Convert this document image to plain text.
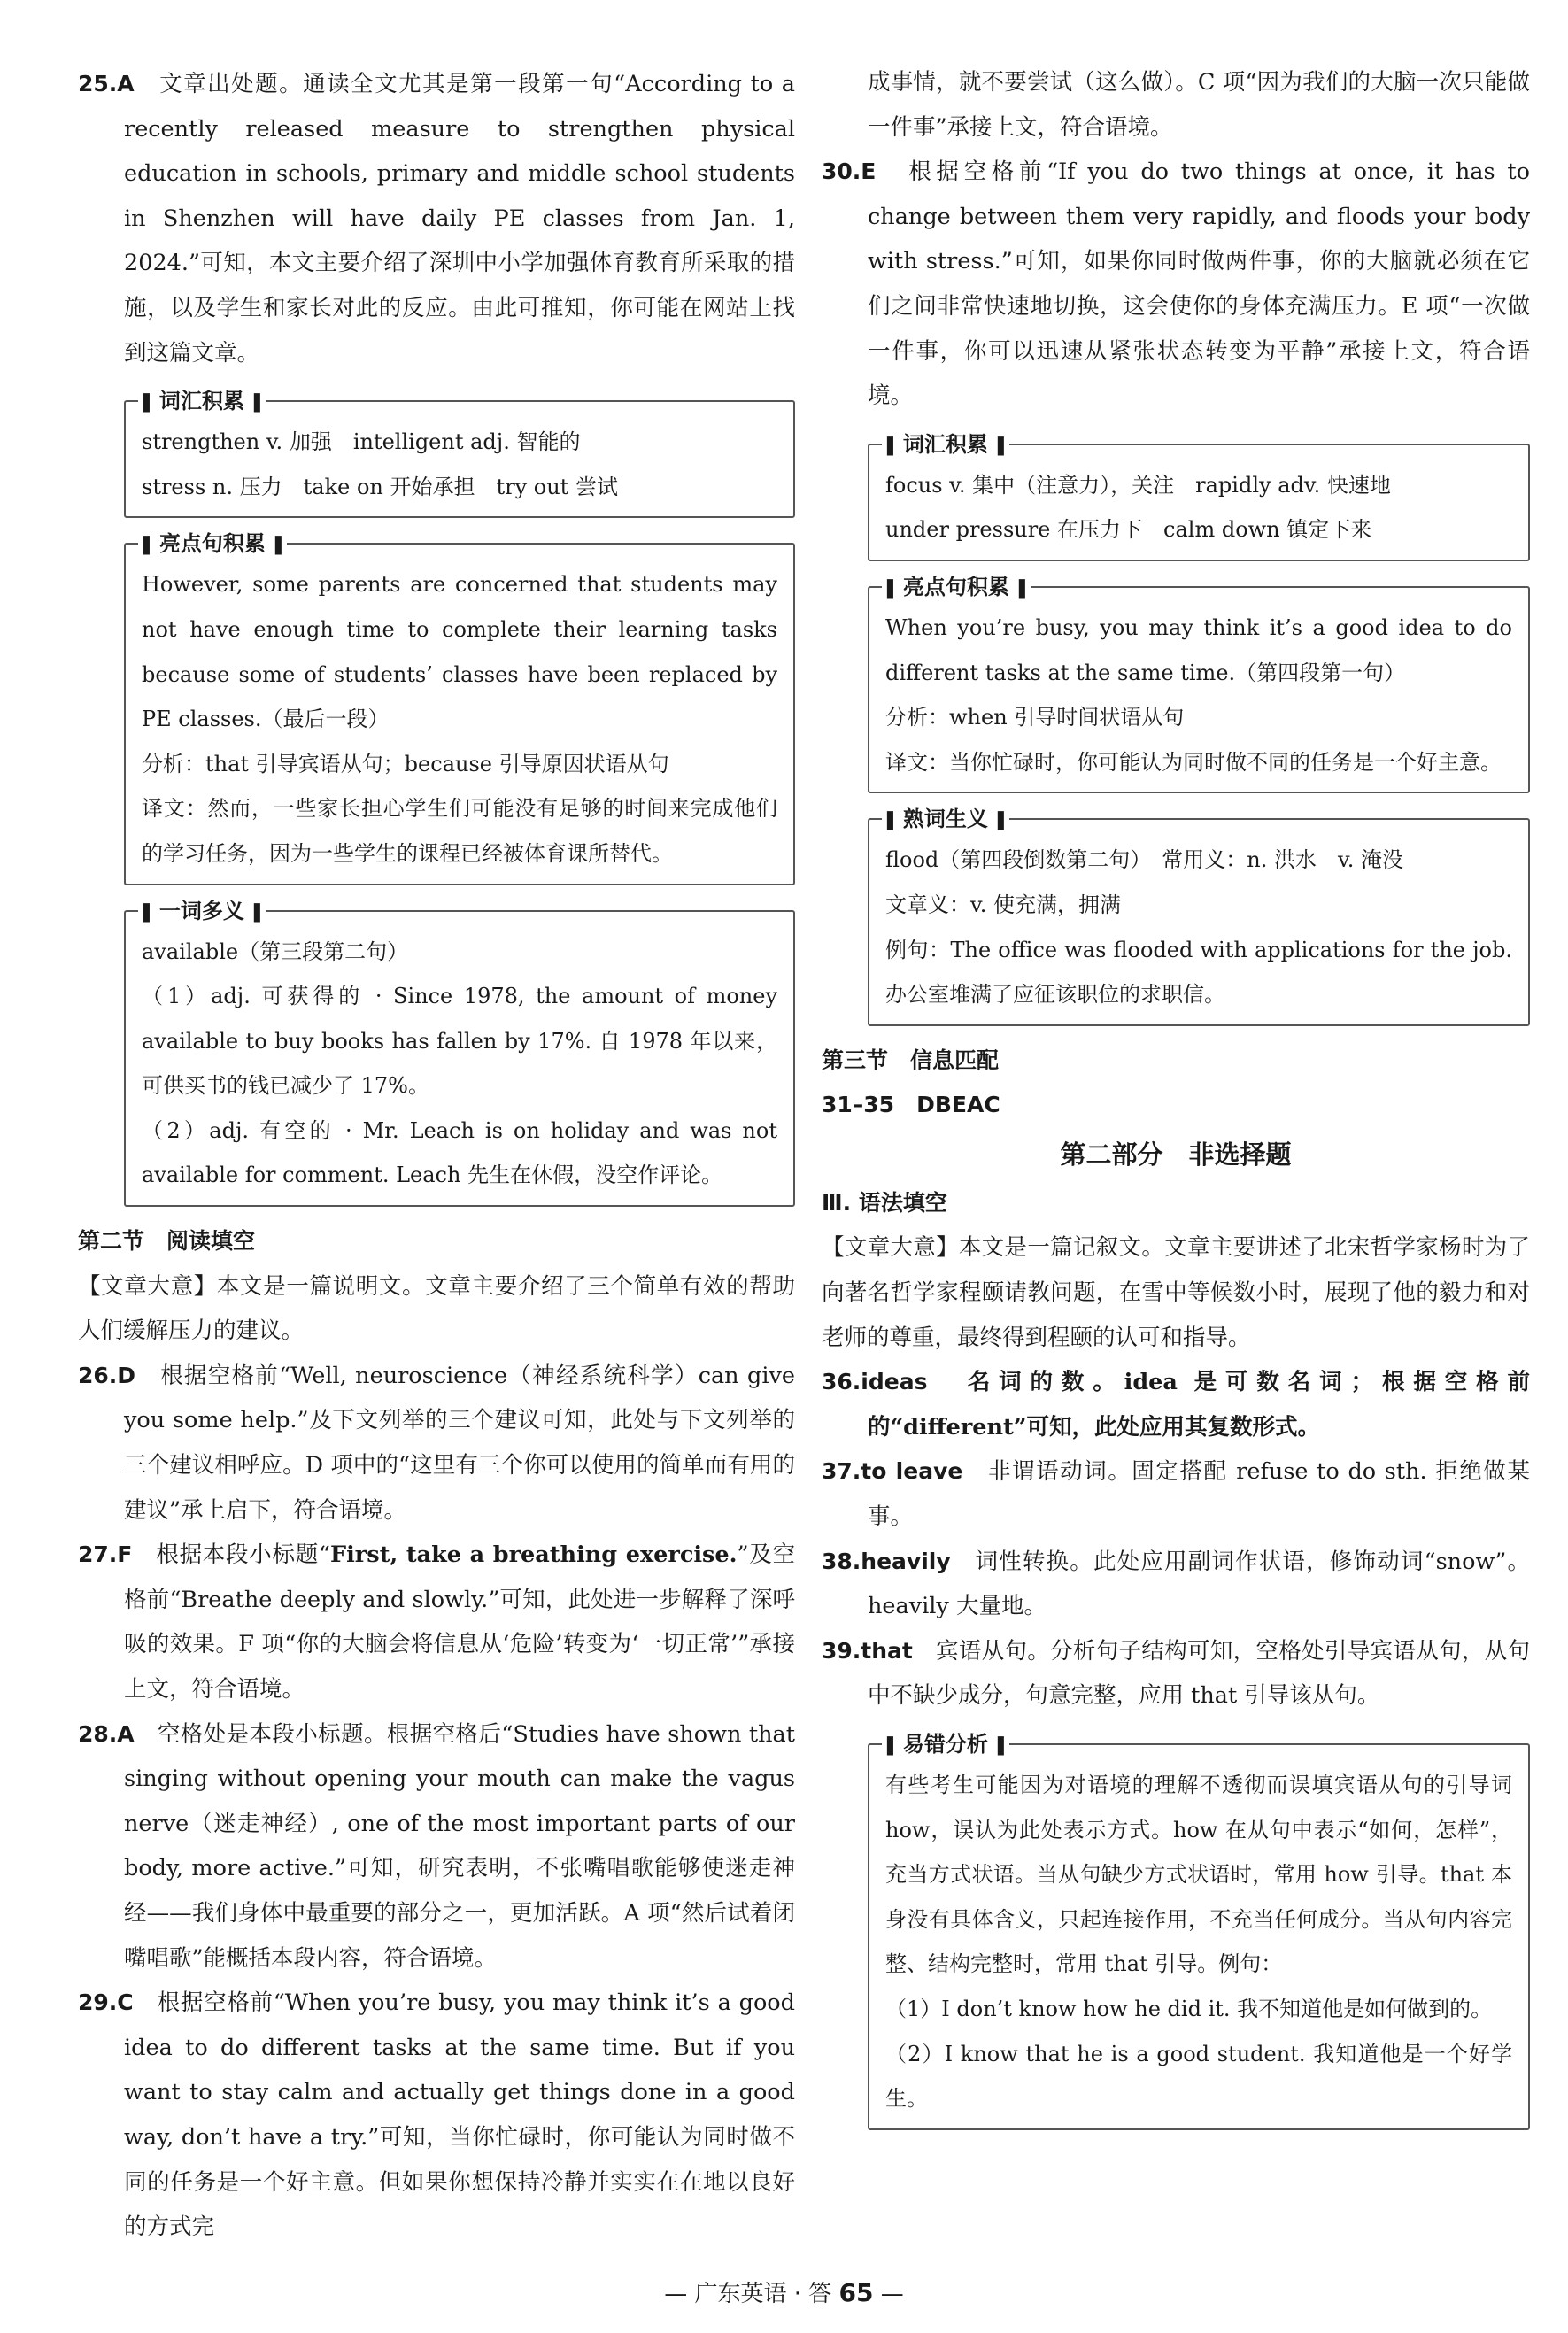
25.A　 文章出处题。通读全文尤其是第一段第一句“According to a recently released measure to strengthen physical education in schools, primary and middle school students in Shenzhen will have daily PE classes from Jan. 1, 2024.”可知，本文主要介绍了深圳中小学加强体育教育所采取的措施，以及学生和家长对此的反应。由此可推知，你可能在网站上找到这篇文章。

▌ 词汇积累 ▐

strengthen v. 加强　intelligent adj. 智能的

stress n. 压力　take on 开始承担　try out 尝试

▌ 亮点句积累 ▐

However, some parents are concerned that students may not have enough time to complete their learning tasks because some of students’ classes have been replaced by PE classes.（最后一段）

分析：that 引导宾语从句；because 引导原因状语从句

译文：然而，一些家长担心学生们可能没有足够的时间来完成他们的学习任务，因为一些学生的课程已经被体育课所替代。

▌ 一词多义 ▐

available（第三段第二句）

（1）adj. 可获得的 · Since 1978, the amount of money available to buy books has fallen by 17%. 自 1978 年以来，可供买书的钱已减少了 17%。

（2）adj. 有空的 · Mr. Leach is on holiday and was not available for comment. Leach 先生在休假，没空作评论。

第二节　阅读填空

【文章大意】本文是一篇说明文。文章主要介绍了三个简单有效的帮助人们缓解压力的建议。

26.D　 根据空格前“Well, neuroscience（神经系统科学）can give you some help.”及下文列举的三个建议可知，此处与下文列举的三个建议相呼应。D 项中的“这里有三个你可以使用的简单而有用的建议”承上启下，符合语境。

27.F　 根据本段小标题“First, take a breathing exercise.”及空格前“Breathe deeply and slowly.”可知，此处进一步解释了深呼吸的效果。F 项“你的大脑会将信息从‘危险’转变为‘一切正常’”承接上文，符合语境。

28.A　 空格处是本段小标题。根据空格后“Studies have shown that singing without opening your mouth can make the vagus nerve（迷走神经）, one of the most important parts of our body, more active.”可知，研究表明，不张嘴唱歌能够使迷走神经——我们身体中最重要的部分之一，更加活跃。A 项“然后试着闭嘴唱歌”能概括本段内容，符合语境。

29.C　 根据空格前“When you’re busy, you may think it’s a good idea to do different tasks at the same time. But if you want to stay calm and actually get things done in a good way, don’t have a try.”可知，当你忙碌时，你可能认为同时做不同的任务是一个好主意。但如果你想保持冷静并实实在在地以良好的方式完

成事情，就不要尝试（这么做）。C 项“因为我们的大脑一次只能做一件事”承接上文，符合语境。

30.E　 根据空格前“If you do two things at once, it has to change between them very rapidly, and floods your body with stress.”可知，如果你同时做两件事，你的大脑就必须在它们之间非常快速地切换，这会使你的身体充满压力。E 项“一次做一件事，你可以迅速从紧张状态转变为平静”承接上文，符合语境。

▌ 词汇积累 ▐

focus v. 集中（注意力），关注　rapidly adv. 快速地

under pressure 在压力下　calm down 镇定下来

▌ 亮点句积累 ▐

When you’re busy, you may think it’s a good idea to do different tasks at the same time.（第四段第一句）

分析：when 引导时间状语从句

译文：当你忙碌时，你可能认为同时做不同的任务是一个好主意。

▌ 熟词生义 ▐

flood（第四段倒数第二句）　常用义：n. 洪水　v. 淹没

文章义：v. 使充满，拥满

例句：The office was flooded with applications for the job. 办公室堆满了应征该职位的求职信。

第三节　信息匹配
31–35　DBEAC
第二部分　非选择题
Ⅲ. 语法填空

【文章大意】本文是一篇记叙文。文章主要讲述了北宋哲学家杨时为了向著名哲学家程颐请教问题，在雪中等候数小时，展现了他的毅力和对老师的尊重，最终得到程颐的认可和指导。

36.ideas　 名词的数。idea 是可数名词；根据空格前的“different”可知，此处应用其复数形式。

37.to leave　 非谓语动词。固定搭配 refuse to do sth. 拒绝做某事。

38.heavily　 词性转换。此处应用副词作状语，修饰动词“snow”。heavily 大量地。

39.that　 宾语从句。分析句子结构可知，空格处引导宾语从句，从句中不缺少成分，句意完整，应用 that 引导该从句。

▌ 易错分析 ▐

有些考生可能因为对语境的理解不透彻而误填宾语从句的引导词 how，误认为此处表示方式。how 在从句中表示“如何，怎样”，充当方式状语。当从句缺少方式状语时，常用 how 引导。that 本身没有具体含义，只起连接作用，不充当任何成分。当从句内容完整、结构完整时，常用 that 引导。例句：

（1）I don’t know how he did it. 我不知道他是如何做到的。

（2）I know that he is a good student. 我知道他是一个好学生。

— 广东英语 · 答 65 —
